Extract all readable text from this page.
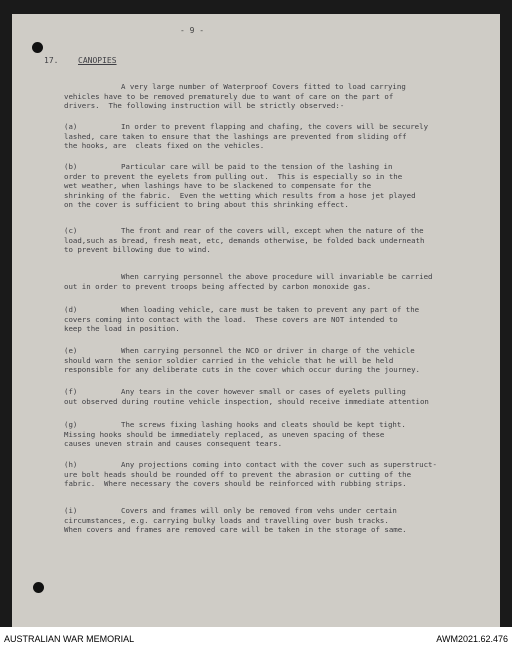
- 9 -
17. CANOPIES
A very large number of Waterproof Covers fitted to load carrying
vehicles have to be removed prematurely due to want of care on the part of
drivers.  The following instruction will be strictly observed:-
(a)	In order to prevent flapping and chafing, the covers will be securely
lashed, care taken to ensure that the lashings are prevented from sliding off
the hooks, are  cleats fixed on the vehicles.
(b)	Particular care will be paid to the tension of the lashing in
order to prevent the eyelets from pulling out.  This is especially so in the
wet weather, when lashings have to be slackened to compensate for the
shrinking of the fabric.  Even the wetting which results from a hose jet played
on the cover is sufficient to bring about this shrinking effect.
(c)	The front and rear of the covers will, except when the nature of the
load,such as bread, fresh meat, etc, demands otherwise, be folded back underneath
to prevent billowing due to wind.
When carrying personnel the above procedure will invariable be carried
out in order to prevent troops being affected by carbon monoxide gas.
(d)	When loading vehicle, care must be taken to prevent any part of the
covers coming into contact with the load.  These covers are NOT intended to
keep the load in position.
(e)	When carrying personnel the NCO or driver in charge of the vehicle
should warn the senior soldier carried in the vehicle that he will be held
responsible for any deliberate cuts in the cover which occur during the journey.
(f)	Any tears in the cover however small or cases of eyelets pulling
out observed during routine vehicle inspection, should receive immediate attention
(g)	The screws fixing lashing hooks and cleats should be kept tight.
Missing hooks should be immediately replaced, as uneven spacing of these
causes uneven strain and causes consequent tears.
(h)	Any projections coming into contact with the cover such as superstruct-
ure bolt heads should be rounded off to prevent the abrasion or cutting of the
fabric.  Where necessary the covers should be reinforced with rubbing strips.
(i)	Covers and frames will only be removed from vehs under certain
circumstances, e.g. carrying bulky loads and travelling over bush tracks.
When covers and frames are removed care will be taken in the storage of same.
AUSTRALIAN WAR MEMORIAL	AWM2021.62.476
